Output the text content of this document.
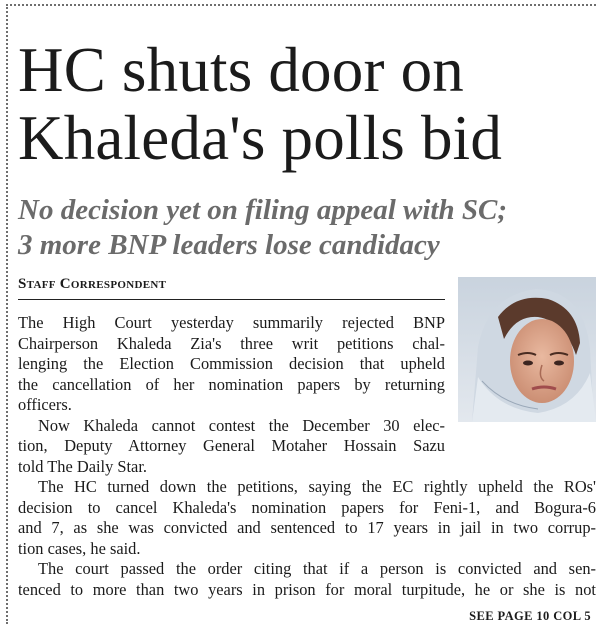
HC shuts door on
Khaleda's polls bid
No decision yet on filing appeal with SC;
3 more BNP leaders lose candidacy
Staff Correspondent
The High Court yesterday summarily rejected BNP
Chairperson Khaleda Zia's three writ petitions chal-
lenging the Election Commission decision that upheld
the cancellation of her nomination papers by returning
officers.
Now Khaleda cannot contest the December 30 elec-
tion, Deputy Attorney General Motaher Hossain Sazu
told The Daily Star.
The HC turned down the petitions, saying the EC rightly upheld the ROs'
decision to cancel Khaleda's nomination papers for Feni-1, and Bogura-6
and 7, as she was convicted and sentenced to 17 years in jail in two corrup-
tion cases, he said.
The court passed the order citing that if a person is convicted and sen-
tenced to more than two years in prison for moral turpitude, he or she is not
SEE PAGE 10 COL 5
